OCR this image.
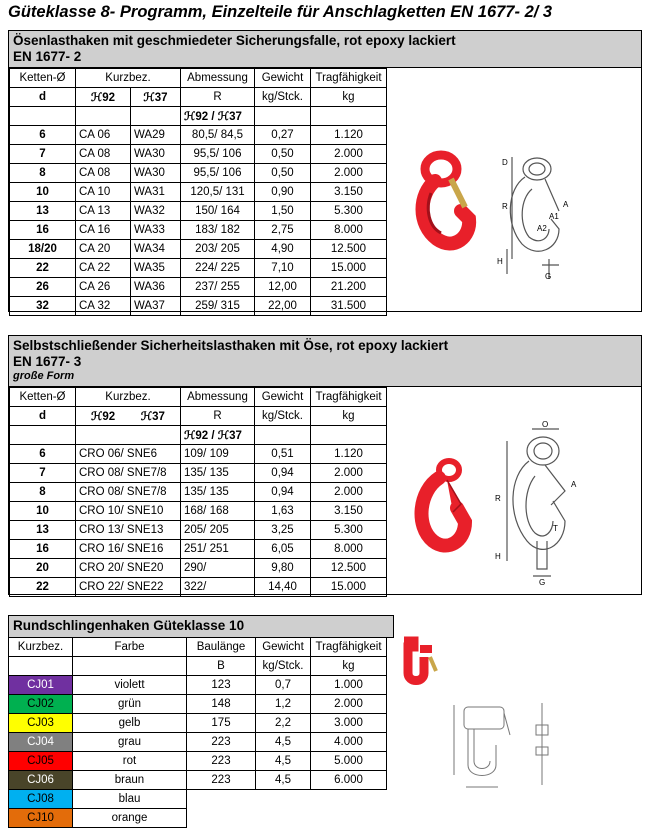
Güteklasse 8- Programm, Einzelteile für Anschlagketten EN 1677- 2/ 3
Ösenlasthaken mit geschmiedeter Sicherungsfalle, rot epoxy lackiert
EN 1677- 2
Ketten-Ø	Kurzbez.		Abmessung	Gewicht	Tragfähigkeit
d	ℋ92	ℋ37	R	kg/Stck.	kg
			ℋ92 / ℋ37		
6	CA 06	WA29	80,5/ 84,5	0,27	1.120
7	CA 08	WA30	95,5/ 106	0,50	2.000
8	CA 08	WA30	95,5/ 106	0,50	2.000
10	CA 10	WA31	120,5/ 131	0,90	3.150
13	CA 13	WA32	150/ 164	1,50	5.300
16	CA 16	WA33	183/ 182	2,75	8.000
18/20	CA 20	WA34	203/ 205	4,90	12.500
22	CA 22	WA35	224/ 225	7,10	15.000
26	CA 26	WA36	237/ 255	12,00	21.200
32	CA 32	WA37	259/ 315	22,00	31.500
D
R	A
A1
A2
H
G
Selbstschließender Sicherheitslasthaken mit Öse, rot epoxy lackiert
EN 1677- 3
große Form
Ketten-Ø	Kurzbez.	Abmessung	Gewicht	Tragfähigkeit
d	ℋ92 ℋ37	R	kg/Stck.	kg
		ℋ92 / ℋ37		
6	CRO 06/ SNE6	109/ 109	0,51	1.120
7	CRO 08/ SNE7/8	135/ 135	0,94	2.000
8	CRO 08/ SNE7/8	135/ 135	0,94	2.000
10	CRO 10/ SNE10	168/ 168	1,63	3.150
13	CRO 13/ SNE13	205/ 205	3,25	5.300
16	CRO 16/ SNE16	251/ 251	6,05	8.000
20	CRO 20/ SNE20	290/	9,80	12.500
22	CRO 22/ SNE22	322/	14,40	15.000
O
R
A
T
H
G
Rundschlingenhaken Güteklasse 10
Kurzbez.	Farbe	Baulänge	Gewicht	Tragfähigkeit
		B	kg/Stck.	kg
CJ01	violett	123	0,7	1.000
CJ02	grün	148	1,2	2.000
CJ03	gelb	175	2,2	3.000
CJ04	grau	223	4,5	4.000
CJ05	rot	223	4,5	5.000
CJ06	braun	223	4,5	6.000
CJ08	blau			
CJ10	orange			
